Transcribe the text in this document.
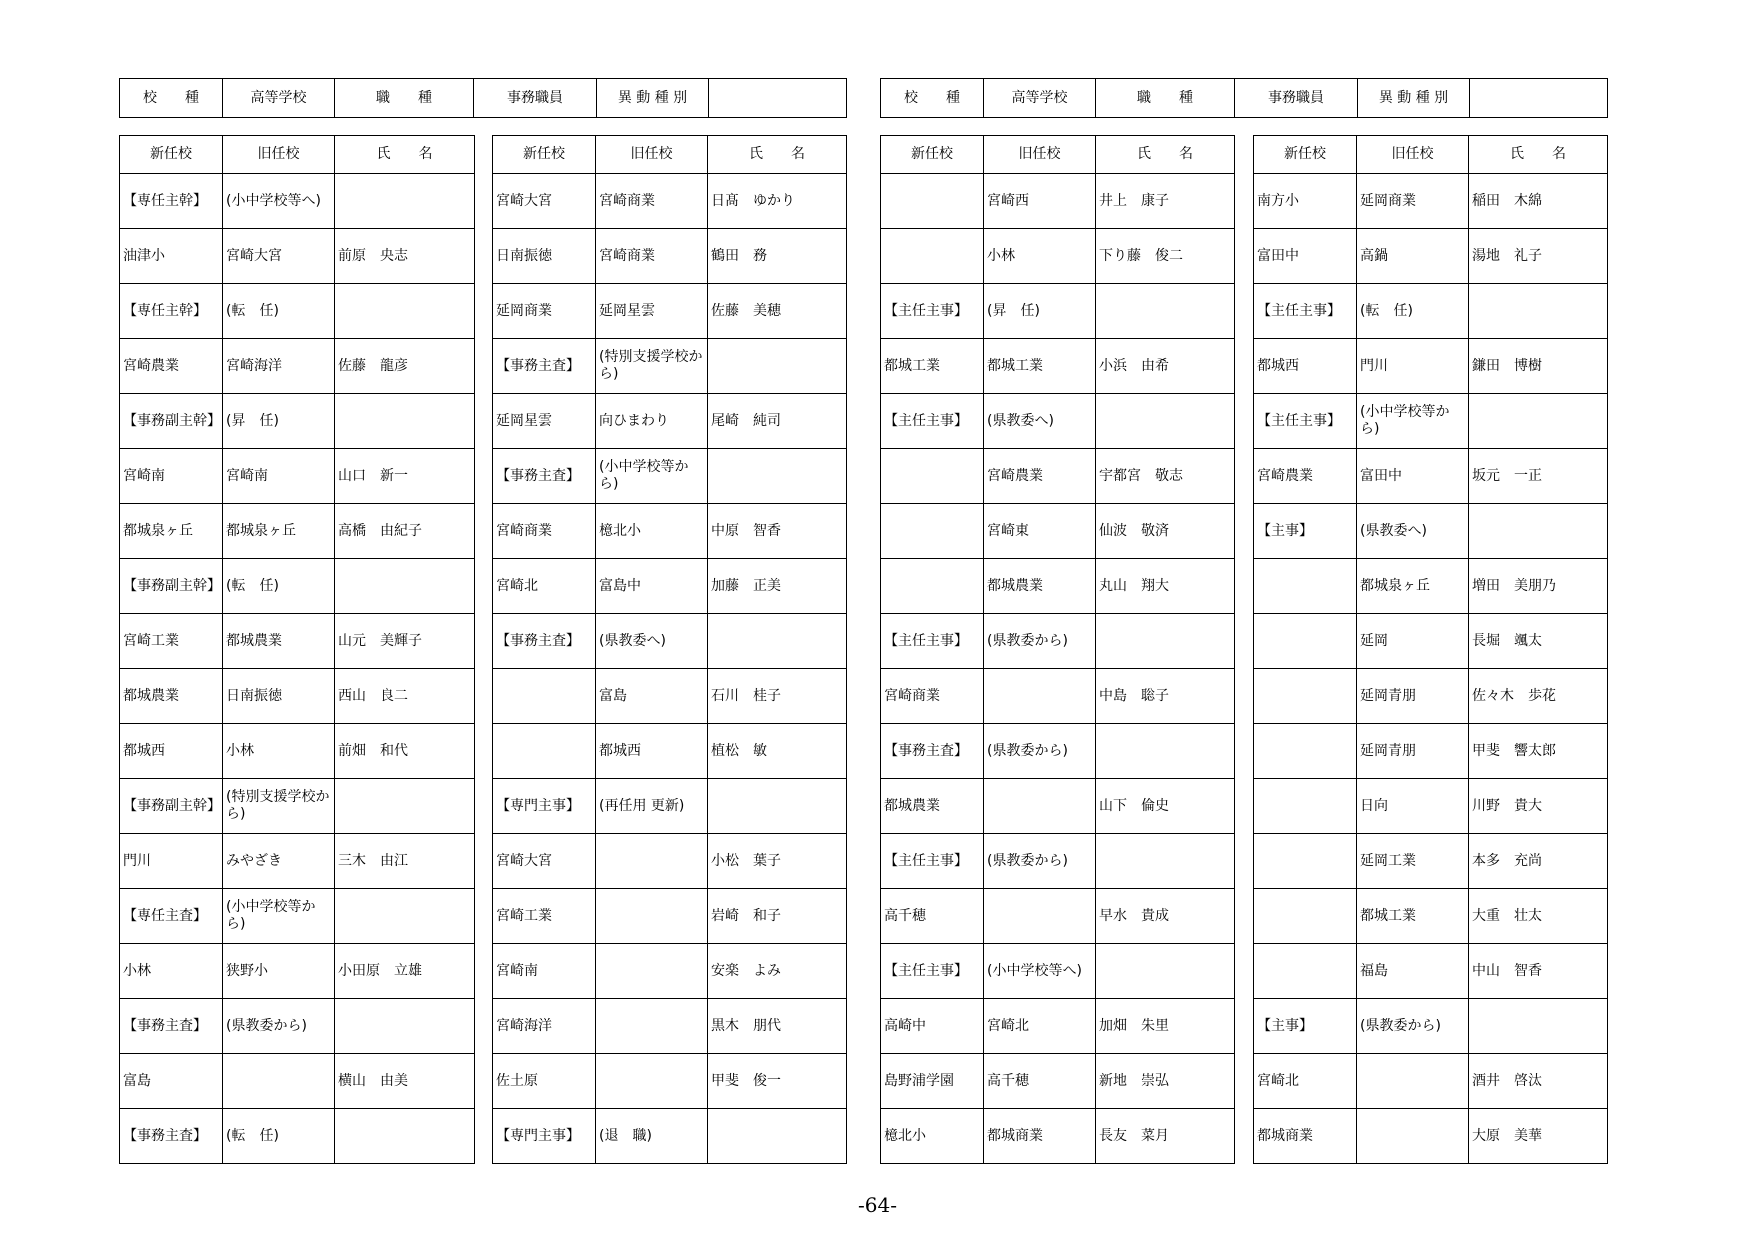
校　　種	高等学校	職　　種	事務職員	異 動 種 別		校　　種	高等学校	職　　種	事務職員	異 動 種 別	
新任校	旧任校	氏　　名
【専任主幹】	(小中学校等へ)	
油津小	宮崎大宮	前原　央志
【専任主幹】	(転　任)	
宮崎農業	宮崎海洋	佐藤　龍彦
【事務副主幹】	(昇　任)	
宮崎南	宮崎南	山口　新一
都城泉ヶ丘	都城泉ヶ丘	高橋　由紀子
【事務副主幹】	(転　任)	
宮崎工業	都城農業	山元　美輝子
都城農業	日南振徳	西山　良二
都城西	小林	前畑　和代
【事務副主幹】	(特別支援学校から)	
門川	みやざき	三木　由江
【専任主査】	(小中学校等から)	
小林	狭野小	小田原　立雄
【事務主査】	(県教委から)	
富島		横山　由美
【事務主査】	(転　任)	
新任校	旧任校	氏　　名
宮崎大宮	宮崎商業	日髙　ゆかり
日南振徳	宮崎商業	鶴田　務
延岡商業	延岡星雲	佐藤　美穂
【事務主査】	(特別支援学校から)	
延岡星雲	向ひまわり	尾崎　純司
【事務主査】	(小中学校等から)	
宮崎商業	檍北小	中原　智香
宮崎北	富島中	加藤　正美
【事務主査】	(県教委へ)	
	富島	石川　桂子
	都城西	植松　敏
【専門主事】	(再任用 更新)	
宮崎大宮		小松　葉子
宮崎工業		岩崎　和子
宮崎南		安楽　よみ
宮崎海洋		黒木　朋代
佐土原		甲斐　俊一
【専門主事】	(退　職)	
新任校	旧任校	氏　　名
	宮崎西	井上　康子
	小林	下り藤　俊二
【主任主事】	(昇　任)	
都城工業	都城工業	小浜　由希
【主任主事】	(県教委へ)	
	宮崎農業	宇都宮　敬志
	宮崎東	仙波　敬済
	都城農業	丸山　翔大
【主任主事】	(県教委から)	
宮崎商業		中島　聡子
【事務主査】	(県教委から)	
都城農業		山下　倫史
【主任主事】	(県教委から)	
高千穂		早水　貴成
【主任主事】	(小中学校等へ)	
高崎中	宮崎北	加畑　朱里
島野浦学園	高千穂	新地　崇弘
檍北小	都城商業	長友　菜月
新任校	旧任校	氏　　名
南方小	延岡商業	稲田　木綿
富田中	高鍋	湯地　礼子
【主任主事】	(転　任)	
都城西	門川	鎌田　博樹
【主任主事】	(小中学校等から)	
宮崎農業	富田中	坂元　一正
【主事】	(県教委へ)	
	都城泉ヶ丘	増田　美朋乃
	延岡	長堀　颯太
	延岡青朋	佐々木　歩花
	延岡青朋	甲斐　響太郎
	日向	川野　貴大
	延岡工業	本多　充尚
	都城工業	大重　壮太
	福島	中山　智香
【主事】	(県教委から)	
宮崎北		酒井　啓汰
都城商業		大原　美華
-64-
